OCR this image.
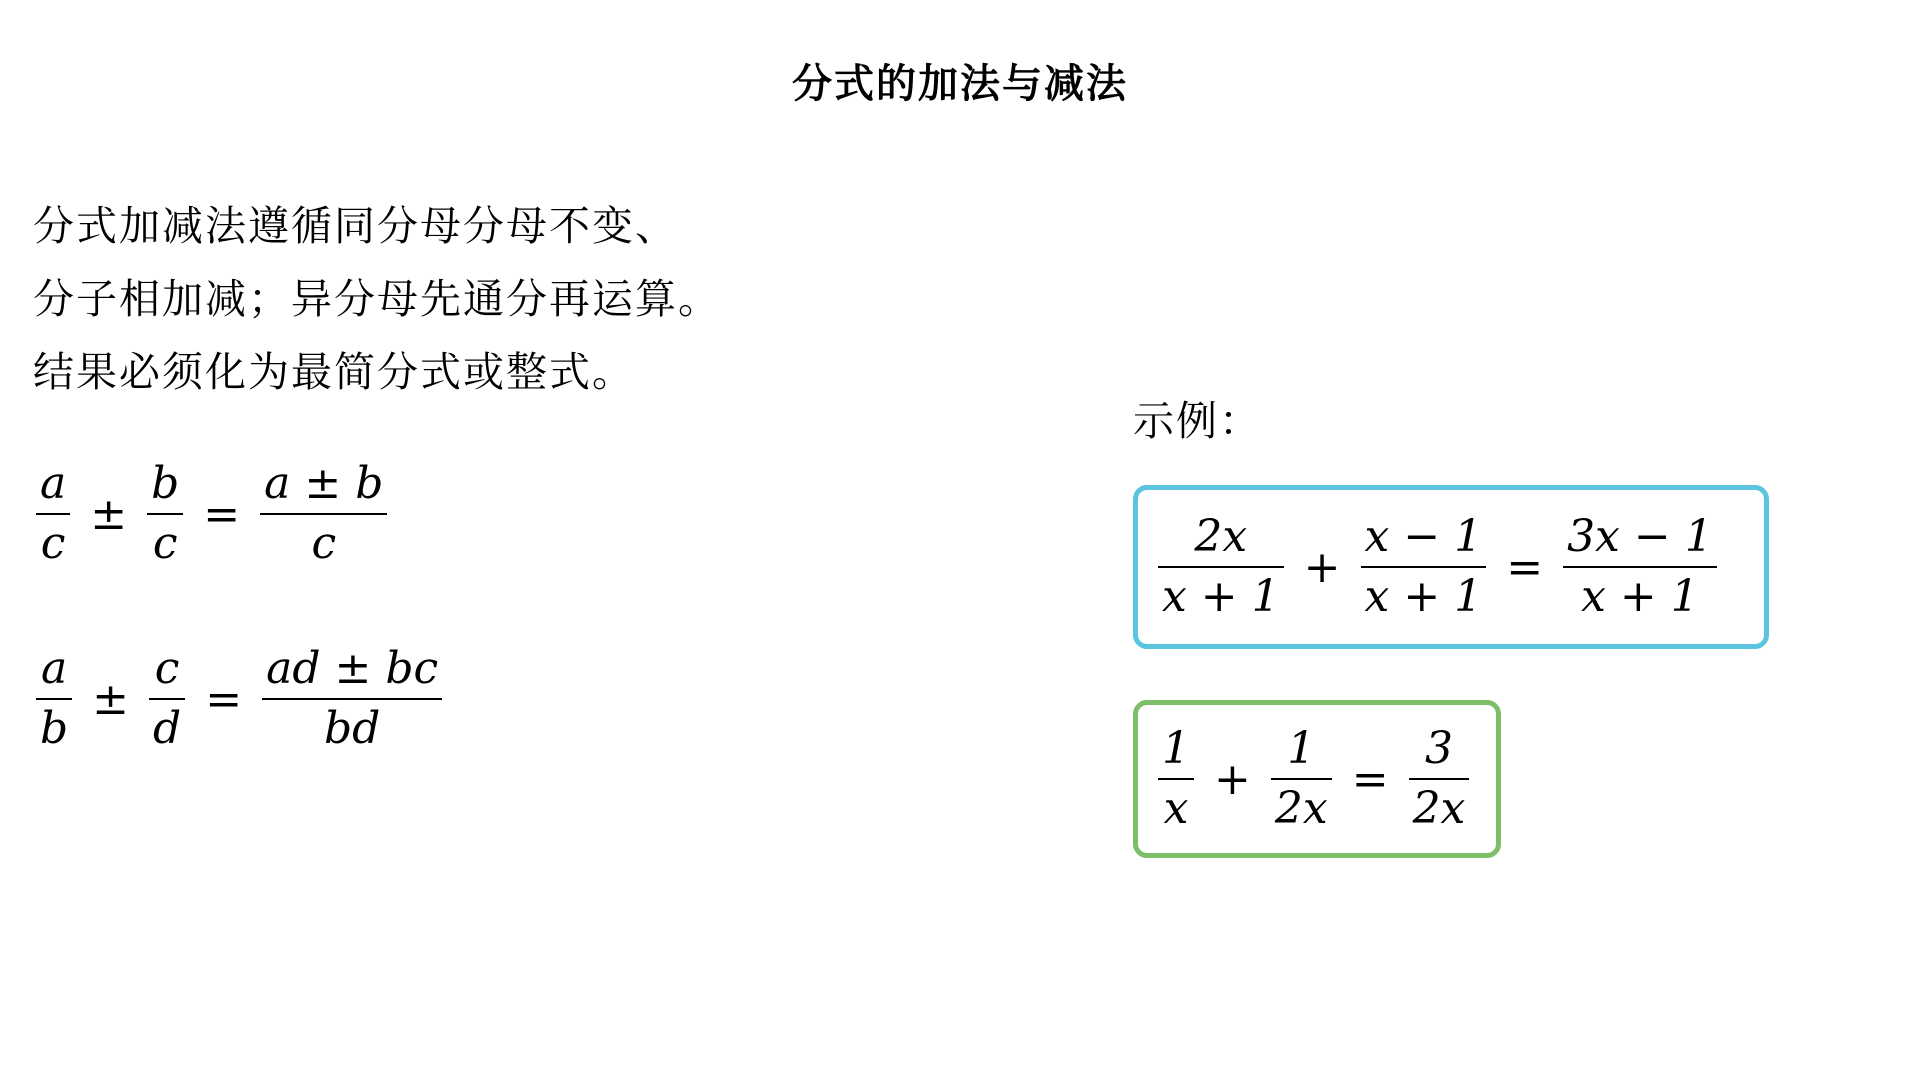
分式的加法与减法
分式加减法遵循同分母分母不变、
分子相加减；异分母先通分再运算。
结果必须化为最简分式或整式。
$\frac{a}{c} \pm \frac{b}{c} = \frac{a \pm b}{c}$
$\frac{a}{b} \pm \frac{c}{d} = \frac{ad \pm bc}{bd}$
示例：
$\frac{2x}{x + 1} + \frac{x - 1}{x + 1} = \frac{3x - 1}{x + 1}$
$\frac{1}{x} + \frac{1}{2x} = \frac{3}{2x}$
